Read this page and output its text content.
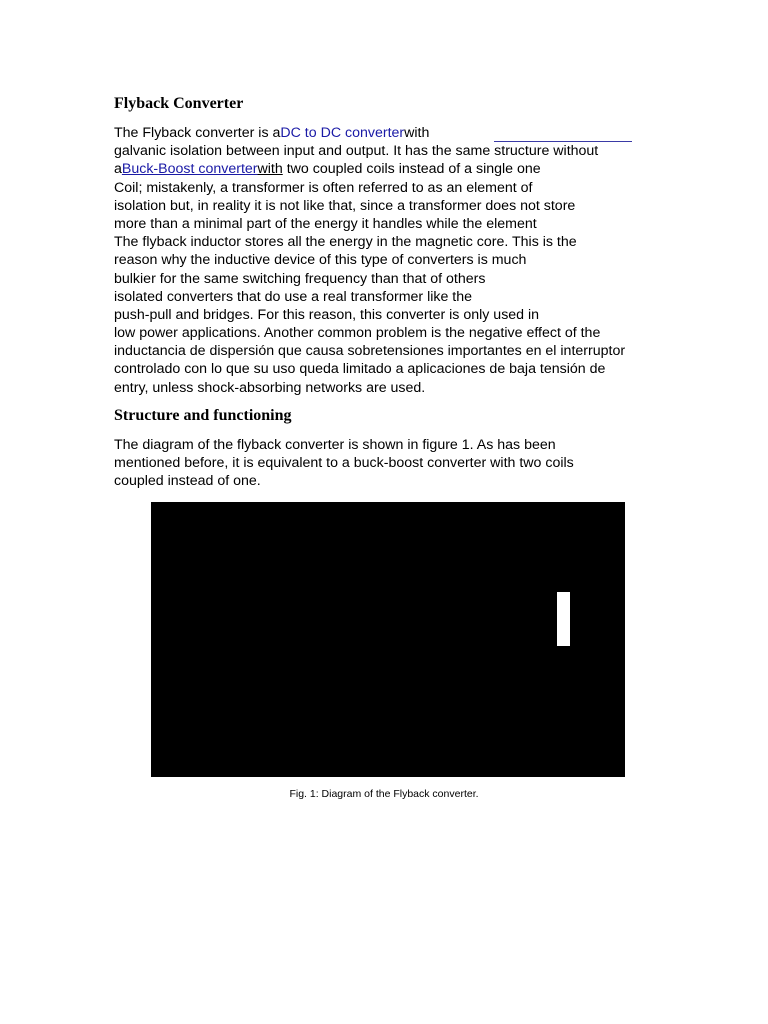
Flyback Converter
The Flyback converter is aDC to DC converterwith
galvanic isolation between input and output. It has the same structure without
aBuck-Boost converterwith two coupled coils instead of a single one
Coil; mistakenly, a transformer is often referred to as an element of
isolation but, in reality it is not like that, since a transformer does not store
more than a minimal part of the energy it handles while the element
The flyback inductor stores all the energy in the magnetic core. This is the
reason why the inductive device of this type of converters is much
bulkier for the same switching frequency than that of others
isolated converters that do use a real transformer like the
push-pull and bridges. For this reason, this converter is only used in
low power applications. Another common problem is the negative effect of the
inductancia de dispersión que causa sobretensiones importantes en el interruptor
controlado con lo que su uso queda limitado a aplicaciones de baja tensión de
entry, unless shock-absorbing networks are used.
Structure and functioning
The diagram of the flyback converter is shown in figure 1. As has been
mentioned before, it is equivalent to a buck-boost converter with two coils
coupled instead of one.
Fig. 1: Diagram of the Flyback converter.
